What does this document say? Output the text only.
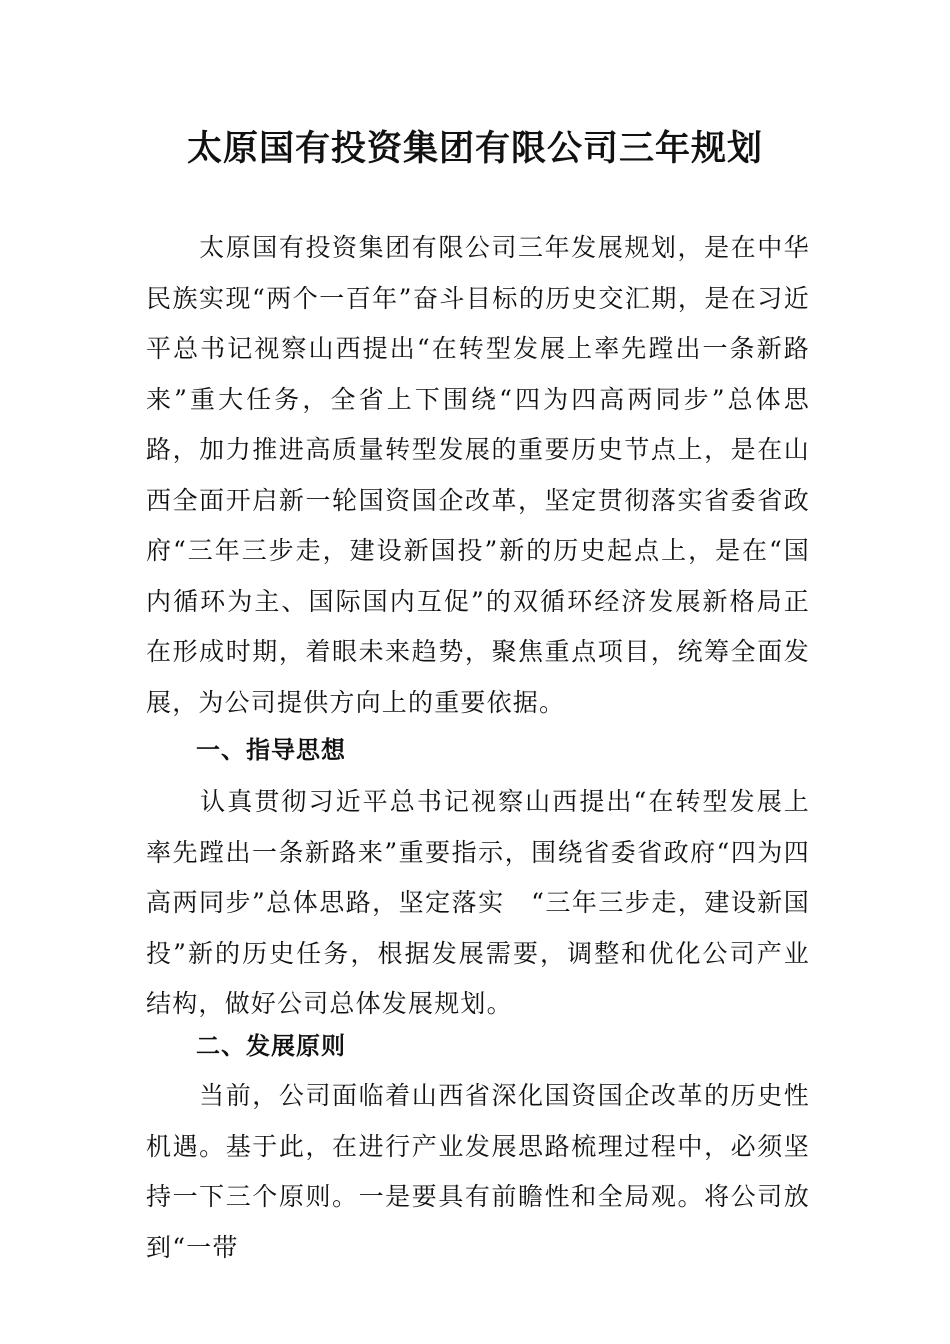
太原国有投资集团有限公司三年规划

　　太原国有投资集团有限公司三年发展规划，是在中华民族实现“两个一百年”奋斗目标的历史交汇期，是在习近平总书记视察山西提出“在转型发展上率先蹚出一条新路来”重大任务，全省上下围绕“四为四高两同步”总体思路，加力推进高质量转型发展的重要历史节点上，是在山西全面开启新一轮国资国企改革，坚定贯彻落实省委省政府“三年三步走，建设新国投”新的历史起点上，是在“国内循环为主、国际国内互促”的双循环经济发展新格局正在形成时期，着眼未来趋势，聚焦重点项目，统筹全面发展，为公司提供方向上的重要依据。

一、指导思想

　　认真贯彻习近平总书记视察山西提出“在转型发展上率先蹚出一条新路来”重要指示，围绕省委省政府“四为四高两同步”总体思路，坚定落实　“三年三步走，建设新国投”新的历史任务，根据发展需要，调整和优化公司产业结构，做好公司总体发展规划。

二、发展原则

　　当前，公司面临着山西省深化国资国企改革的历史性机遇。基于此，在进行产业发展思路梳理过程中，必须坚持一下三个原则。一是要具有前瞻性和全局观。将公司放到“一带
